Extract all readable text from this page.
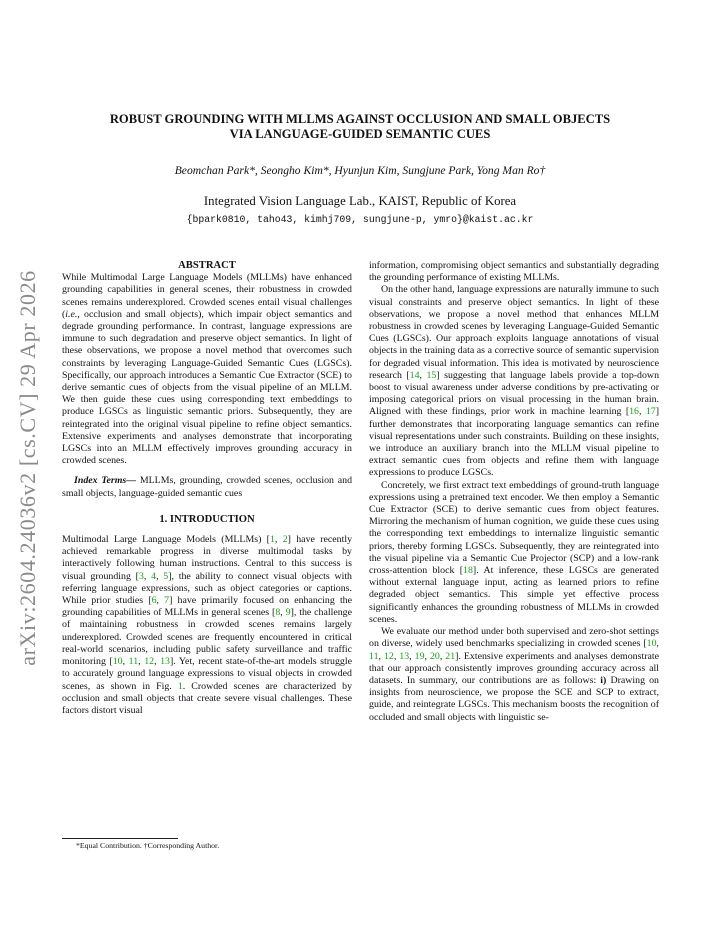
arXiv:2604.24036v2 [cs.CV] 29 Apr 2026
ROBUST GROUNDING WITH MLLMS AGAINST OCCLUSION AND SMALL OBJECTS
VIA LANGUAGE-GUIDED SEMANTIC CUES
Beomchan Park*, Seongho Kim*, Hyunjun Kim, Sungjune Park, Yong Man Ro†
Integrated Vision Language Lab., KAIST, Republic of Korea
{bpark0810, taho43, kimhj709, sungjune-p, ymro}@kaist.ac.kr

ABSTRACT

While Multimodal Large Language Models (MLLMs) have enhanced grounding capabilities in general scenes, their robustness in crowded scenes remains underexplored. Crowded scenes entail visual challenges (i.e., occlusion and small objects), which impair object semantics and degrade grounding performance. In contrast, language expressions are immune to such degradation and preserve object semantics. In light of these observations, we propose a novel method that overcomes such constraints by leveraging Language-Guided Semantic Cues (LGSCs). Specifically, our approach introduces a Semantic Cue Extractor (SCE) to derive semantic cues of objects from the visual pipeline of an MLLM. We then guide these cues using corresponding text embeddings to produce LGSCs as linguistic semantic priors. Subsequently, they are reintegrated into the original visual pipeline to refine object semantics. Extensive experiments and analyses demonstrate that incorporating LGSCs into an MLLM effectively improves grounding accuracy in crowded scenes.

Index Terms— MLLMs, grounding, crowded scenes, occlusion and small objects, language-guided semantic cues

1. INTRODUCTION

Multimodal Large Language Models (MLLMs) [1, 2] have recently achieved remarkable progress in diverse multimodal tasks by interactively following human instructions. Central to this success is visual grounding [3, 4, 5], the ability to connect visual objects with referring language expressions, such as object categories or captions. While prior studies [6, 7] have primarily focused on enhancing the grounding capabilities of MLLMs in general scenes [8, 9], the challenge of maintaining robustness in crowded scenes remains largely underexplored. Crowded scenes are frequently encountered in critical real-world scenarios, including public safety surveillance and traffic monitoring [10, 11, 12, 13]. Yet, recent state-of-the-art models struggle to accurately ground language expressions to visual objects in crowded scenes, as shown in Fig. 1. Crowded scenes are characterized by occlusion and small objects that create severe visual challenges. These factors distort visual

information, compromising object semantics and substantially degrading the grounding performance of existing MLLMs.

On the other hand, language expressions are naturally immune to such visual constraints and preserve object semantics. In light of these observations, we propose a novel method that enhances MLLM robustness in crowded scenes by leveraging Language-Guided Semantic Cues (LGSCs). Our approach exploits language annotations of visual objects in the training data as a corrective source of semantic supervision for degraded visual information. This idea is motivated by neuroscience research [14, 15] suggesting that language labels provide a top-down boost to visual awareness under adverse conditions by pre-activating or imposing categorical priors on visual processing in the human brain. Aligned with these findings, prior work in machine learning [16, 17] further demonstrates that incorporating language semantics can refine visual representations under such constraints. Building on these insights, we introduce an auxiliary branch into the MLLM visual pipeline to extract semantic cues from objects and refine them with language expressions to produce LGSCs.

Concretely, we first extract text embeddings of ground-truth language expressions using a pretrained text encoder. We then employ a Semantic Cue Extractor (SCE) to derive semantic cues from object features. Mirroring the mechanism of human cognition, we guide these cues using the corresponding text embeddings to internalize linguistic semantic priors, thereby forming LGSCs. Subsequently, they are reintegrated into the visual pipeline via a Semantic Cue Projector (SCP) and a low-rank cross-attention block [18]. At inference, these LGSCs are generated without external language input, acting as learned priors to refine degraded object semantics. This simple yet effective process significantly enhances the grounding robustness of MLLMs in crowded scenes.

We evaluate our method under both supervised and zero-shot settings on diverse, widely used benchmarks specializing in crowded scenes [10, 11, 12, 13, 19, 20, 21]. Extensive experiments and analyses demonstrate that our approach consistently improves grounding accuracy across all datasets. In summary, our contributions are as follows: i) Drawing on insights from neuroscience, we propose the SCE and SCP to extract, guide, and reintegrate LGSCs. This mechanism boosts the recognition of occluded and small objects with linguistic se-

*Equal Contribution. †Corresponding Author.
